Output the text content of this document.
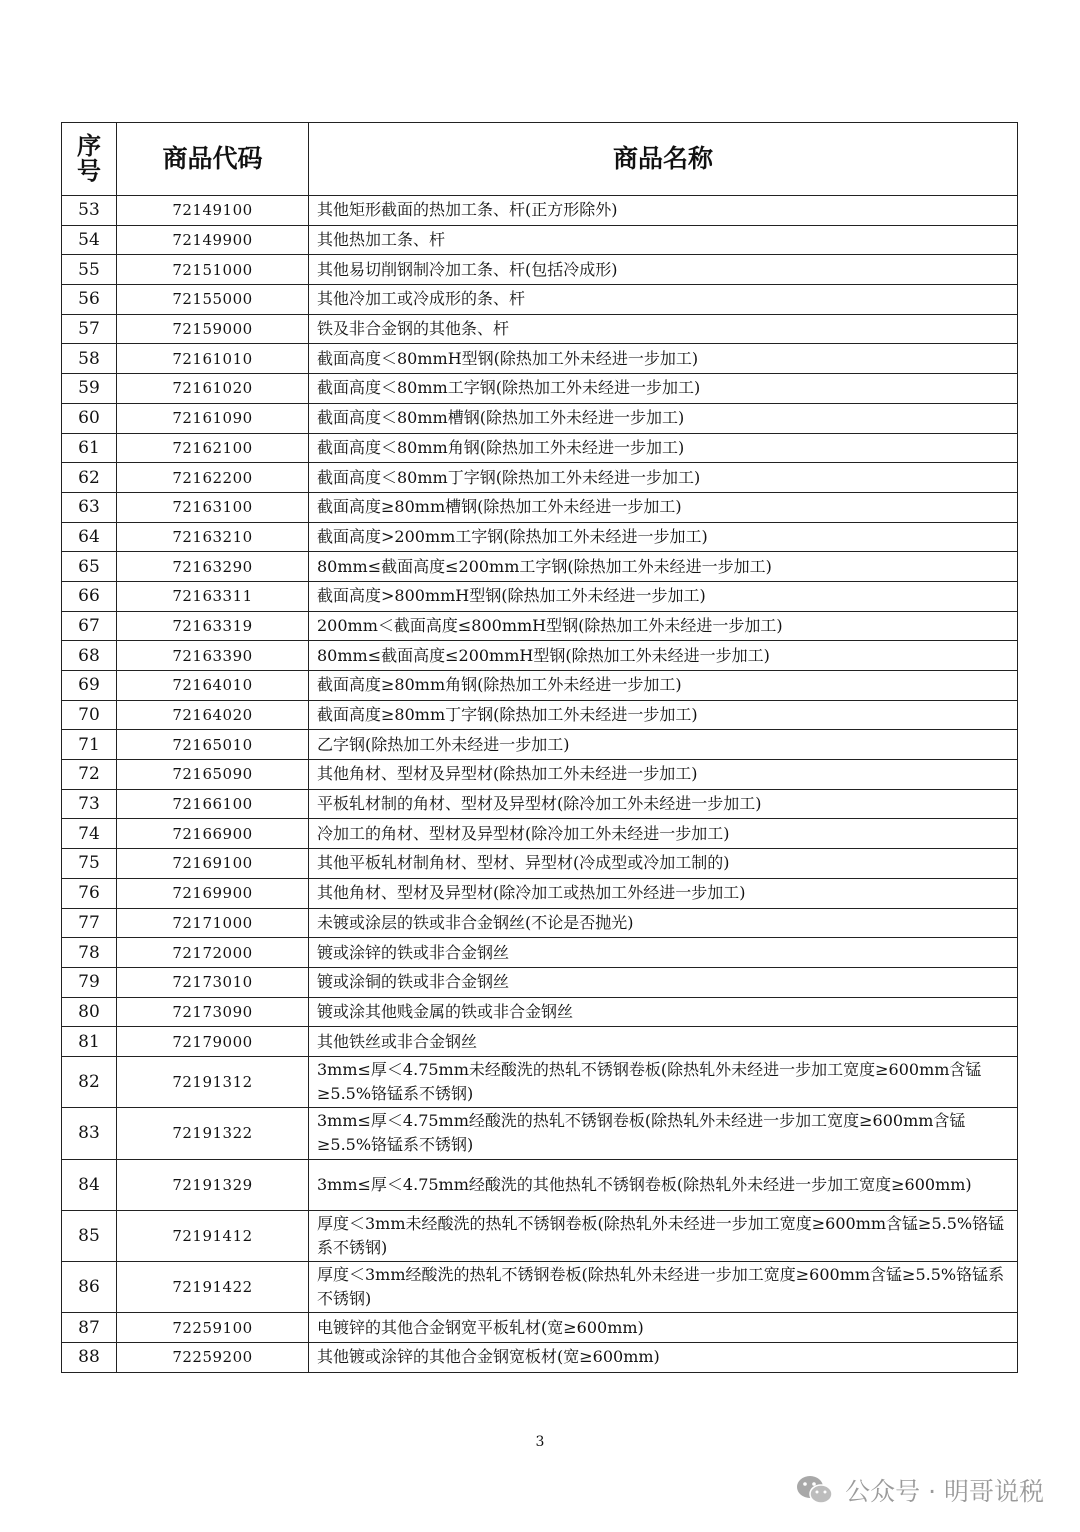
序号	商品代码	商品名称
53	72149100	其他矩形截面的热加工条、杆(正方形除外)
54	72149900	其他热加工条、杆
55	72151000	其他易切削钢制冷加工条、杆(包括冷成形)
56	72155000	其他冷加工或冷成形的条、杆
57	72159000	铁及非合金钢的其他条、杆
58	72161010	截面高度＜80mmH型钢(除热加工外未经进一步加工)
59	72161020	截面高度＜80mm工字钢(除热加工外未经进一步加工)
60	72161090	截面高度＜80mm槽钢(除热加工外未经进一步加工)
61	72162100	截面高度＜80mm角钢(除热加工外未经进一步加工)
62	72162200	截面高度＜80mm丁字钢(除热加工外未经进一步加工)
63	72163100	截面高度≥80mm槽钢(除热加工外未经进一步加工)
64	72163210	截面高度>200mm工字钢(除热加工外未经进一步加工)
65	72163290	80mm≤截面高度≤200mm工字钢(除热加工外未经进一步加工)
66	72163311	截面高度>800mmH型钢(除热加工外未经进一步加工)
67	72163319	200mm＜截面高度≤800mmH型钢(除热加工外未经进一步加工)
68	72163390	80mm≤截面高度≤200mmH型钢(除热加工外未经进一步加工)
69	72164010	截面高度≥80mm角钢(除热加工外未经进一步加工)
70	72164020	截面高度≥80mm丁字钢(除热加工外未经进一步加工)
71	72165010	乙字钢(除热加工外未经进一步加工)
72	72165090	其他角材、型材及异型材(除热加工外未经进一步加工)
73	72166100	平板轧材制的角材、型材及异型材(除冷加工外未经进一步加工)
74	72166900	冷加工的角材、型材及异型材(除冷加工外未经进一步加工)
75	72169100	其他平板轧材制角材、型材、异型材(冷成型或冷加工制的)
76	72169900	其他角材、型材及异型材(除冷加工或热加工外经进一步加工)
77	72171000	未镀或涂层的铁或非合金钢丝(不论是否抛光)
78	72172000	镀或涂锌的铁或非合金钢丝
79	72173010	镀或涂铜的铁或非合金钢丝
80	72173090	镀或涂其他贱金属的铁或非合金钢丝
81	72179000	其他铁丝或非合金钢丝
82	72191312	3mm≤厚＜4.75mm未经酸洗的热轧不锈钢卷板(除热轧外未经进一步加工宽度≥600mm含锰≥5.5%铬锰系不锈钢)
83	72191322	3mm≤厚＜4.75mm经酸洗的热轧不锈钢卷板(除热轧外未经进一步加工宽度≥600mm含锰≥5.5%铬锰系不锈钢)
84	72191329	3mm≤厚＜4.75mm经酸洗的其他热轧不锈钢卷板(除热轧外未经进一步加工宽度≥600mm)
85	72191412	厚度＜3mm未经酸洗的热轧不锈钢卷板(除热轧外未经进一步加工宽度≥600mm含锰≥5.5%铬锰系不锈钢)
86	72191422	厚度＜3mm经酸洗的热轧不锈钢卷板(除热轧外未经进一步加工宽度≥600mm含锰≥5.5%铬锰系不锈钢)
87	72259100	电镀锌的其他合金钢宽平板轧材(宽≥600mm)
88	72259200	其他镀或涂锌的其他合金钢宽板材(宽≥600mm)
3
公众号 · 明哥说税
